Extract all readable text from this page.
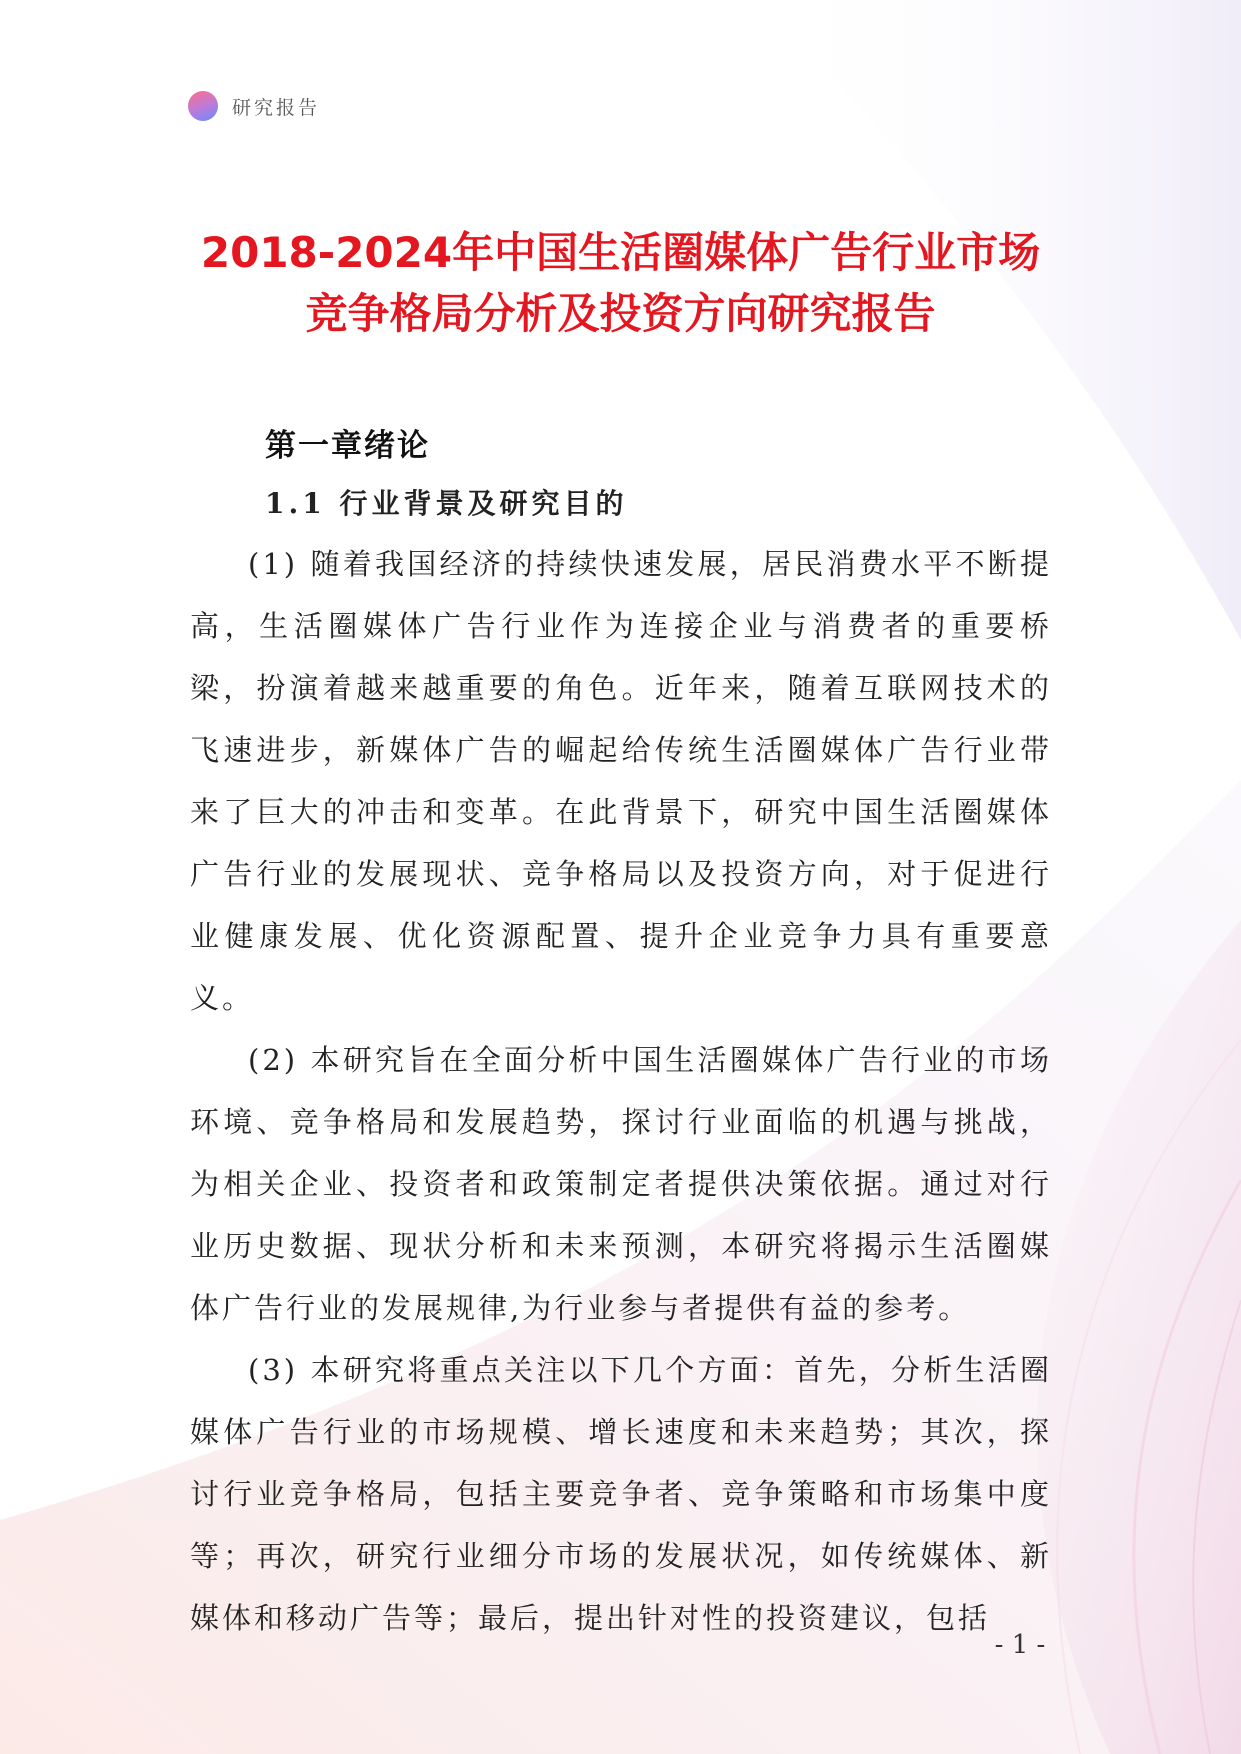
研究报告
2018-2024年中国生活圈媒体广告行业市场
竞争格局分析及投资方向研究报告
第一章绪论
1.1 行业背景及研究目的

(1) 随着我国经济的持续快速发展，居民消费水平不断提高，生活圈媒体广告行业作为连接企业与消费者的重要桥梁，扮演着越来越重要的角色。近年来，随着互联网技术的飞速进步，新媒体广告的崛起给传统生活圈媒体广告行业带来了巨大的冲击和变革。在此背景下，研究中国生活圈媒体广告行业的发展现状、竞争格局以及投资方向，对于促进行业健康发展、优化资源配置、提升企业竞争力具有重要意义。

(2) 本研究旨在全面分析中国生活圈媒体广告行业的市场环境、竞争格局和发展趋势，探讨行业面临的机遇与挑战，为相关企业、投资者和政策制定者提供决策依据。通过对行业历史数据、现状分析和未来预测，本研究将揭示生活圈媒体广告行业的发展规律,为行业参与者提供有益的参考。

(3) 本研究将重点关注以下几个方面：首先，分析生活圈媒体广告行业的市场规模、增长速度和未来趋势；其次，探讨行业竞争格局，包括主要竞争者、竞争策略和市场集中度等；再次，研究行业细分市场的发展状况，如传统媒体、新媒体和移动广告等；最后，提出针对性的投资建议，包括

- 1 -
